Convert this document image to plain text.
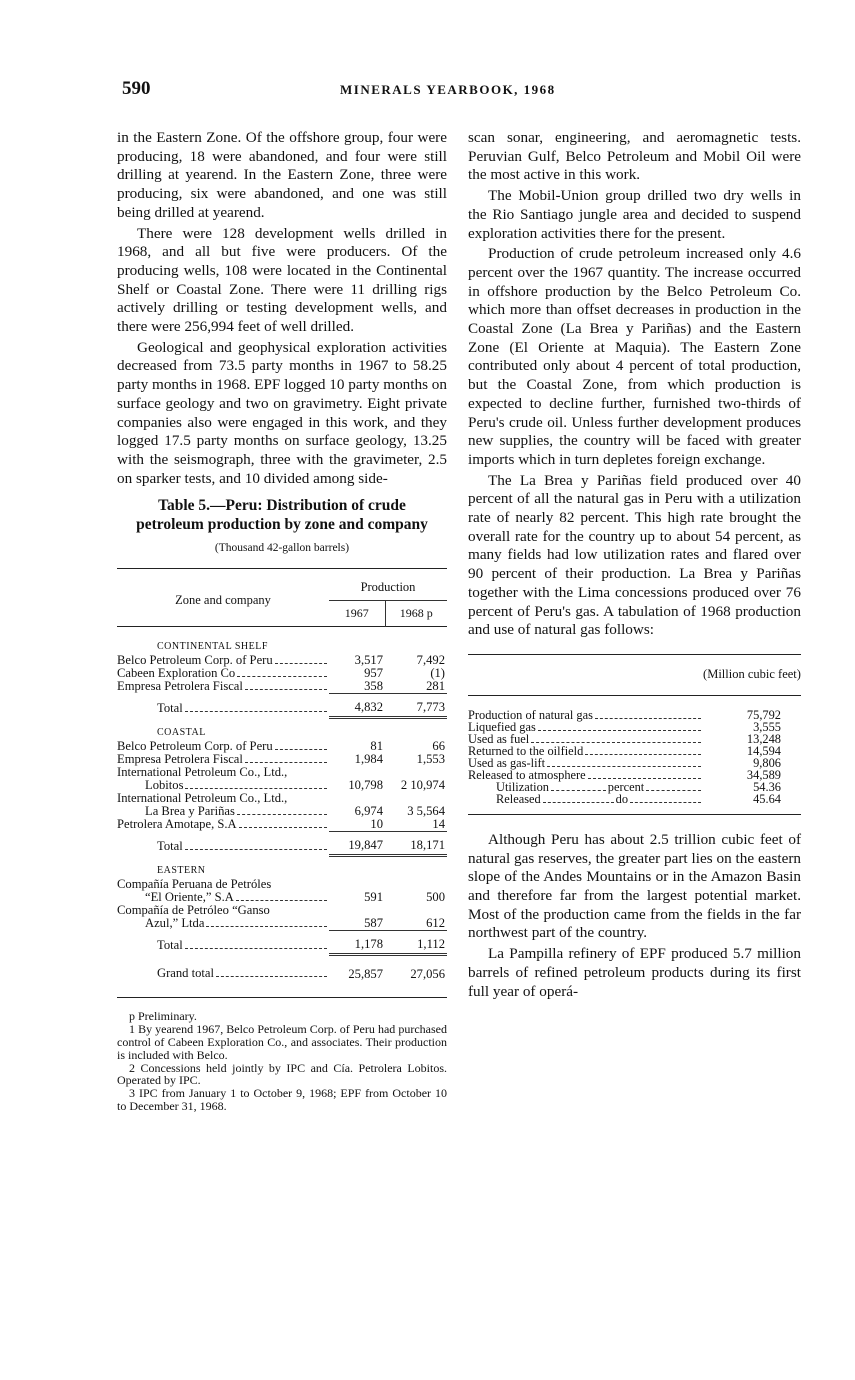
590	MINERALS YEARBOOK, 1968

in the Eastern Zone. Of the offshore group, four were producing, 18 were abandoned, and four were still drilling at yearend. In the Eastern Zone, three were producing, six were abandoned, and one was still being drilled at yearend.

There were 128 development wells drilled in 1968, and all but five were producers. Of the producing wells, 108 were located in the Continental Shelf or Coastal Zone. There were 11 drilling rigs actively drilling or testing development wells, and there were 256,994 feet of well drilled.

Geological and geophysical exploration activities decreased from 73.5 party months in 1967 to 58.25 party months in 1968. EPF logged 10 party months on surface geology and two on gravimetry. Eight private companies also were engaged in this work, and they logged 17.5 party months on surface geology, 13.25 with the seismograph, three with the gravimeter, 2.5 on sparker tests, and 10 divided among side-

Table 5.—Peru: Distribution of crude petroleum production by zone and company
(Thousand 42-gallon barrels)
Zone and company	Production	
	1967	1968 p
CONTINENTAL SHELF		

Belco Petroleum Corp. of Peru	3,517	7,492

Cabeen Exploration Co	957	(1)

Empresa Petrolera Fiscal	358	281

Total	4,832	7,773

COASTAL		

Belco Petroleum Corp. of Peru	81	66

Empresa Petrolera Fiscal	1,984	1,553
International Petroleum Co., Ltd.,		

Lobitos	10,798	2 10,974
International Petroleum Co., Ltd.,		

La Brea y Pariñas	6,974	3 5,564

Petrolera Amotape, S.A	10	14

Total	19,847	18,171

EASTERN		
Compañía Peruana de Petróles		

“El Oriente,” S.A	591	500
Compañía de Petróleo “Ganso		

Azul,” Ltda	587	612

Total	1,178	1,112

Grand total	25,857	27,056
p Preliminary.
1 By yearend 1967, Belco Petroleum Corp. of Peru had purchased control of Cabeen Exploration Co., and associates. Their production is included with Belco.
2 Concessions held jointly by IPC and Cía. Petrolera Lobitos. Operated by IPC.
3 IPC from January 1 to October 9, 1968; EPF from October 10 to December 31, 1968.

scan sonar, engineering, and aeromagnetic tests. Peruvian Gulf, Belco Petroleum and Mobil Oil were the most active in this work.

The Mobil-Union group drilled two dry wells in the Rio Santiago jungle area and decided to suspend exploration activities there for the present.

Production of crude petroleum increased only 4.6 percent over the 1967 quantity. The increase occurred in offshore production by the Belco Petroleum Co. which more than offset decreases in production in the Coastal Zone (La Brea y Pariñas) and the Eastern Zone (El Oriente at Maquia). The Eastern Zone contributed only about 4 percent of total production, but the Coastal Zone, from which production is expected to decline further, furnished two-thirds of Peru's crude oil. Unless further development produces new supplies, the country will be faced with greater imports which in turn depletes foreign exchange.

The La Brea y Pariñas field produced over 40 percent of all the natural gas in Peru with a utilization rate of nearly 82 percent. This high rate brought the overall rate for the country up to about 54 percent, as many fields had low utilization rates and flared over 90 percent of their production. La Brea y Pariñas together with the Lima concessions produced over 76 percent of Peru's gas. A tabulation of 1968 production and use of natural gas follows:

	(Million cubic feet)

Production of natural gas	75,792

Liquefied gas	3,555

Used as fuel	13,248

Returned to the oilfield	14,594

Used as gas-lift	9,806

Released to atmosphere	34,589

Utilization percent	54.36

Released do	45.64

Although Peru has about 2.5 trillion cubic feet of natural gas reserves, the greater part lies on the eastern slope of the Andes Mountains or in the Amazon Basin and therefore far from the largest potential market. Most of the production came from the fields in the far northwest part of the country.

La Pampilla refinery of EPF produced 5.7 million barrels of refined petroleum products during its first full year of operá-
